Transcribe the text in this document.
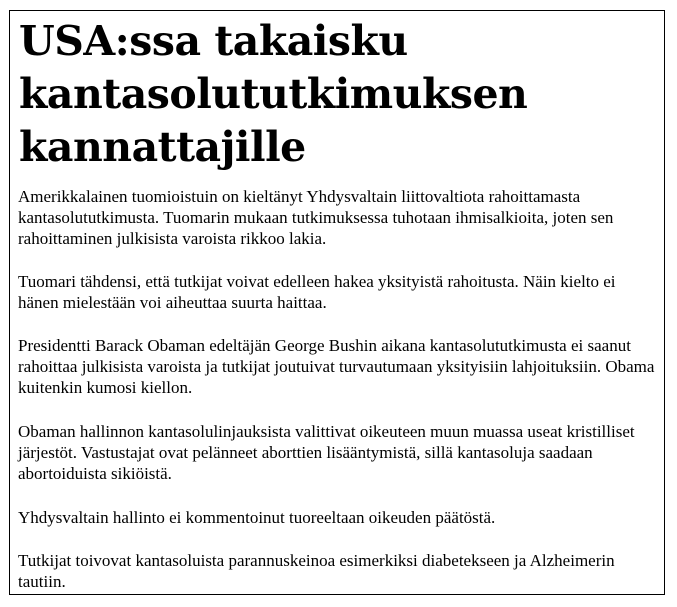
USA:ssa takaisku kantasolututkimuksen kannattajille

Amerikkalainen tuomioistuin on kieltänyt Yhdysvaltain liittovaltiota rahoittamasta kantasolututkimusta. Tuomarin mukaan tutkimuksessa tuhotaan ihmisalkioita, joten sen rahoittaminen julkisista varoista rikkoo lakia.

Tuomari tähdensi, että tutkijat voivat edelleen hakea yksityistä rahoitusta. Näin kielto ei hänen mielestään voi aiheuttaa suurta haittaa.

Presidentti Barack Obaman edeltäjän George Bushin aikana kantasolututkimusta ei saanut rahoittaa julkisista varoista ja tutkijat joutuivat turvautumaan yksityisiin lahjoituksiin. Obama kuitenkin kumosi kiellon.

Obaman hallinnon kantasolulinjauksista valittivat oikeuteen muun muassa useat kristilliset järjestöt. Vastustajat ovat pelänneet aborttien lisääntymistä, sillä kantasoluja saadaan abortoiduista sikiöistä.

Yhdysvaltain hallinto ei kommentoinut tuoreeltaan oikeuden päätöstä.

Tutkijat toivovat kantasoluista parannuskeinoa esimerkiksi diabetekseen ja Alzheimerin tautiin.
